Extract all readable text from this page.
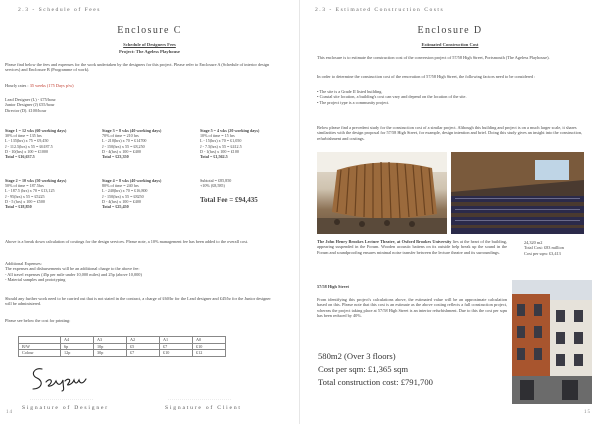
2.3 - Schedule of Fees
Enclosure C
Schedule of Designers Fees
Project: The Ageless Playhouse
Please find below the fees and expenses for the work undertaken by the designers for this project. Please refer to Enclosure A (Schedule of interior design services) and Enclosure B (Programme of work).
Hourly rates : 35 weeks (175 Days p/w)
Lead Designer (L) - £75/hour
Junior Designer (J) £55/hour
Director (D). £100/hour
Stage 1 = 12 wks (60 working days)
30% of time = 135 hrs
L - 135(hrs) x 75 = £9,450
J - 112.5(hrs) x 55 = £6187.5
D - 10(hrs) x 100 = £1000
Total = £16,637.5
Stage 3 = 8 wks (40 working days)
70% of time = 210 hrs
L - 210(hrs) x 70 = £14700
J - 150(hrs) x 55 = £8,250
D - 4(hrs) x 100 = £400
Total = £23,350
Stage 5 = 4 wks (20 working days)
10% of time = 15 hrs
L - 15(hrs) x 70 = £1,050
J - 7.5(hrs) x 55 = £412.5
D - 1(hrs) x 100 = £100
Total = £1,562.5
Stage 2 = 10 wks (50 working days)
50% of time = 187.5hrs
L - 187.5 (hrs) x 70 = £13,125
J - 95(hrs) x 55 = £5225
D - 5 (hrs) x 100 = £500
Total = £18,850
Stage 4 = 8 wks (40 working days)
80% of time = 240 hrs
L - 240(hrs) x 70 = £16,800
J - 150(hrs) x 55 = £8250
D - 4(hrs) x 100 = £400
Total = £25,450
Subtotal = £85,850
+10% (£8,585)
Total Fee = £94,435
Above is a break down calculation of costings for the design services. Please note, a 10% management fee has been added to the overall cost.
Additional Expenses:
The expenses and disbursements will be an additional charge to the above fee:
- All travel expenses (45p per mile under 10,000 miles) and 25p (above 10,000)
- Material samples and prototyping
Should any further work need to be carried out that is not stated in the contract, a charge of £60/hr for the Lead designer and £45/hr for the Junior designer will be administered.
Please see below the cost for printing:
	A4	A3	A2	A1	A0
B/W	6p	10p	£5	£7	£10
Colour	12p	30p	£7	£10	£12
................................	................................
Signature of Designer	Signature of Client
14
2.3 - Estimated Construction Costs
Enclosure D
Estimated Construction Cost
This enclosure is to estimate the construction cost of the conversion project of 57/58 High Street, Portsmouth (The Ageless Playhouse).
In order to determine the construction cost of the renovation of 57/58 High Street, the following factors need to be considered :
• The site is a Grade II listed building.
• Coastal site location, a building's cost can vary and depend on the location of the site.
• The project type is a community project.
Below please find a precedent study for the construction cost of a similar project. Although this building and project is on a much larger scale, it shares similarities with the design proposal for 57/58 High Street, for example, design intention and brief. Doing this study gives an insight into the construction, refurbishment and costings.
The John Henry Brookes Lecture Theatre, at Oxford Brookes University lies at the heart of the building, appearing suspended in the Forum. Wooden acoustic battens on its outside help break up the sound in the Forum and soundproofing ensures minimal noise transfer between the lecture theatre and its surroundings.
24,320 m2
Total Cost: £83 million
Cost per sqm: £3,413
57/58 High Street
From identifying this project's calculations above, the estimated value will be an approximate calculation based on this. Please note that this cost is an estimate as the above costing reflects a full construction project, whereas the project taking place at 57/58 High Street is an interior refurbishment. Due to this the cost per sqm has been reduced by 40%.
580m2 (Over 3 floors)
Cost per sqm: £1,365 sqm
Total construction cost: £791,700
15
